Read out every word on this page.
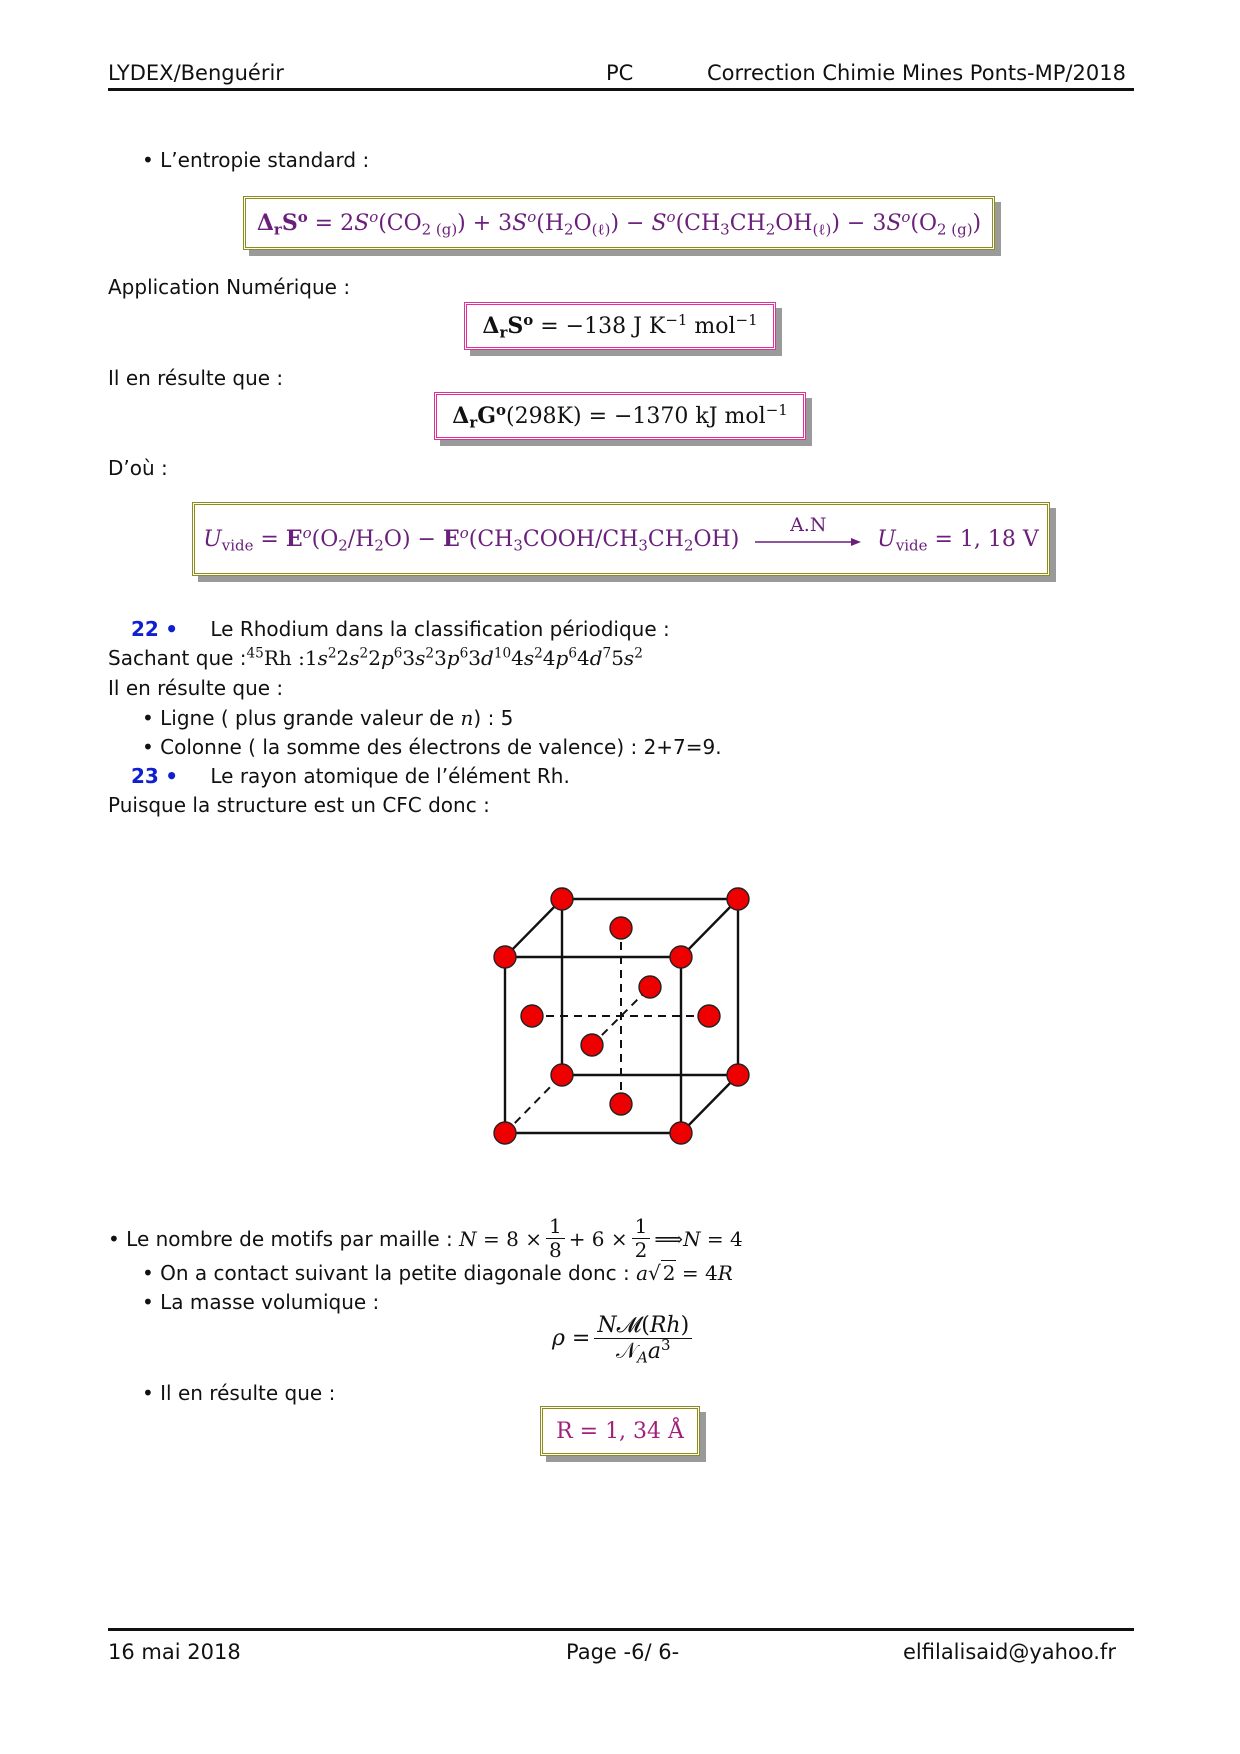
LYDEX/Benguérir	PC	Correction Chimie Mines Ponts-MP/2018
• L’entropie standard :
$\Delta_rS^o = 2S^o(CO_{2 (g)}) + 3S^o(H_2O_{(\ell)}) - S^o(CH_3CH_2OH_{(\ell)}) - 3S^o(O_{2 (g)})$
Application Numérique :
$\Delta_rS^o = -138$ J $K^{-1}$ mol$^{-1}$
Il en résulte que :
$\Delta_rG^o(298K) = -1370$ kJ mol$^{-1}$
D’où :
$U_{vide} = E^o(O_2/H_2O)$ − $E^o(CH_3COOH/CH_3CH_2OH)$
A.N
$U_{vide} = 1$, 18 V
22 • Le Rhodium dans la classification périodique :
Sachant que :$^{45}$Rh $:1s^22s^22p^63s^23p^63d^{10}4s^24p^64d^75s^2$
Il en résulte que :
• Ligne ( plus grande valeur de n) : 5
• Colonne ( la somme des électrons de valence) : 2+7=9.
23 • Le rayon atomique de l’élément Rh.
Puisque la structure est un CFC donc :
•
Le nombre de motifs par maille :
$N = 8 \times \frac{1}{8} + 6 \times \frac{1}{2}$ ⟹ N = 4
• On a contact suivant la petite diagonale donc : a√ 2 = 4R
• La masse volumique :
$\rho = \frac{\text{N𝓜(Rh)}}{𝒩_Aa^3}$
• Il en résulte que :
R = 1, 34 Å
16 mai 2018	Page -6/ 6-	elfilalisaid@yahoo.fr
